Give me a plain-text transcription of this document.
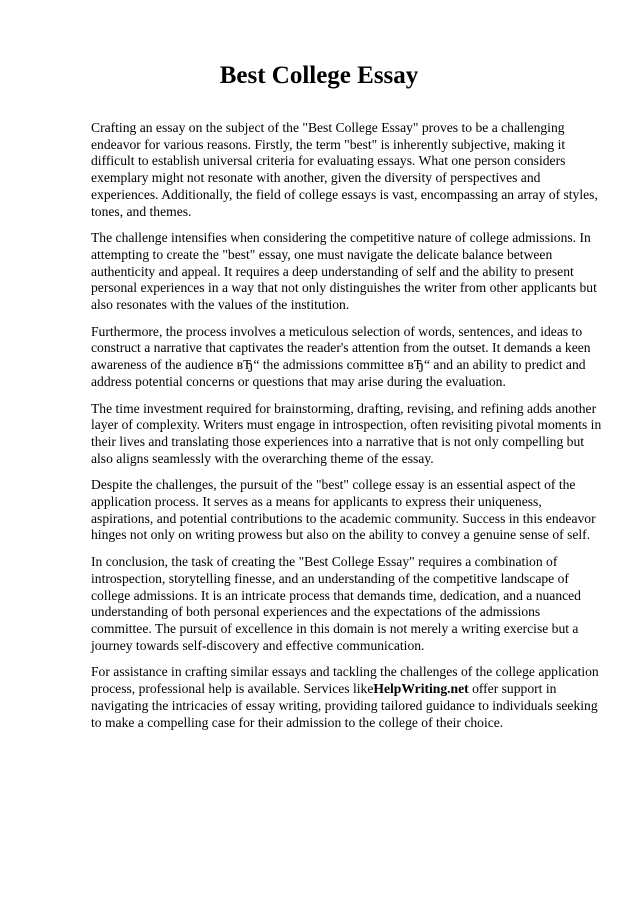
Best College Essay

Crafting an essay on the subject of the "Best College Essay" proves to be a challenging endeavor for various reasons. Firstly, the term "best" is inherently subjective, making it difficult to establish universal criteria for evaluating essays. What one person considers exemplary might not resonate with another, given the diversity of perspectives and experiences. Additionally, the field of college essays is vast, encompassing an array of styles, tones, and themes.

The challenge intensifies when considering the competitive nature of college admissions. In attempting to create the "best" essay, one must navigate the delicate balance between authenticity and appeal. It requires a deep understanding of self and the ability to present personal experiences in a way that not only distinguishes the writer from other applicants but also resonates with the values of the institution.

Furthermore, the process involves a meticulous selection of words, sentences, and ideas to construct a narrative that captivates the reader's attention from the outset. It demands a keen awareness of the audience вЂ“ the admissions committee вЂ“ and an ability to predict and address potential concerns or questions that may arise during the evaluation.

The time investment required for brainstorming, drafting, revising, and refining adds another layer of complexity. Writers must engage in introspection, often revisiting pivotal moments in their lives and translating those experiences into a narrative that is not only compelling but also aligns seamlessly with the overarching theme of the essay.

Despite the challenges, the pursuit of the "best" college essay is an essential aspect of the application process. It serves as a means for applicants to express their uniqueness, aspirations, and potential contributions to the academic community. Success in this endeavor hinges not only on writing prowess but also on the ability to convey a genuine sense of self.

In conclusion, the task of creating the "Best College Essay" requires a combination of introspection, storytelling finesse, and an understanding of the competitive landscape of college admissions. It is an intricate process that demands time, dedication, and a nuanced understanding of both personal experiences and the expectations of the admissions committee. The pursuit of excellence in this domain is not merely a writing exercise but a journey towards self-discovery and effective communication.

For assistance in crafting similar essays and tackling the challenges of the college application process, professional help is available. Services likeHelpWriting.net offer support in navigating the intricacies of essay writing, providing tailored guidance to individuals seeking to make a compelling case for their admission to the college of their choice.
